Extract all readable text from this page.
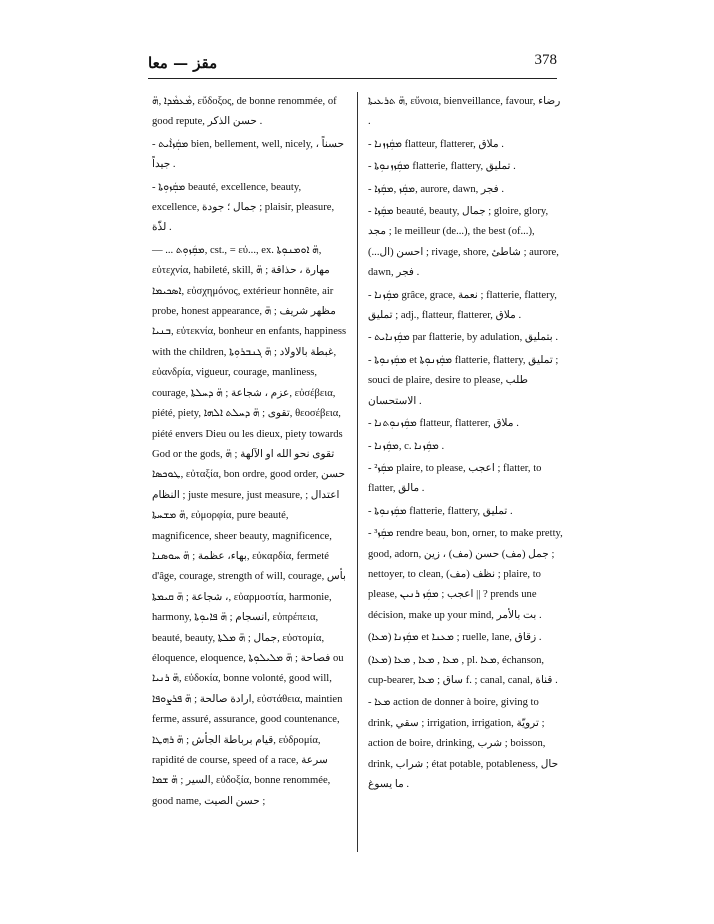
مقز — معا	378

ܡܵܥܡܵܕܐ ,ܗ̈, εὔδοξος, de bonne renommée, of good repute, حسن الذكر .

- ܡܩܲܙܐܵܝܬ bien, bellement, well, nicely, حسناً ، جيداً .

- ܡܩܲܙܘܼܬܐ beauté, excellence, beauty, excellence, جمال ؛ جودة ; plaisir, pleasure, لذّة .

— ... ܡܩܲܙܘܼܬ, cst., = εὐ..., ex. ܗ̈ ܐܘܡܢܘܼܬܐ, εὐτεχνία, habileté, skill, مهارة ، حذاقة ; ܗ̈ ܐܣܟܝܡܐ, εὐσχημόνος, extérieur honnête, air probe, honest appearance, مظهر شريف ; ܗ̈ ܒܢܝܐ, εὐτεκνία, bonheur en enfants, happiness with the children, غبطة بالاولاد ; ܗ̈ ܓܢܒܪܘܼܬܐ, εὐανδρία, vigueur, courage, manliness, courage, عزم ، شجاعة ; ܗ̈ ܕܚܠܬܐ, εὐσέβεια, piété, piety, تقوى ; ܗ̈ ܕܚܠܬ ܐܠܗܐ, θεοσέβεια, piété envers Dieu ou les dieux, piety towards God or the gods, تقوى نحو الله او الآلهة ; ܗ̈ ܛܘܟܣܐ, εὐταξία, bon ordre, good order, حسن النظام ; juste mesure, just measure, اعتدال ; ܗ̈ ܡܫܚܬܐ, εὐμορφία, pure beauté, magnificence, sheer beauty, magnificence, بهاء، عظمة ; ܗ̈ ܚܘܣܢܐ, εὐκαρδία, fermeté d'âge, courage, strength of will, courage, بأس ، شجاعة ; ܗ̈ ܩܝܡܬܐ, εὐαρμοστία, harmonie, harmony, انسجام ; ܗ̈ ܦܐܝܘܼܬܐ, εὐπρέπεια, beauté, beauty, جمال ; ܗ̈ ܡܠܬܐ, εὐστομία, éloquence, eloquence, فصاحة ; ܗ̈ ܡܠܝܠܘܼܬܐ ou ܗ̈ ܪܢܝܐ, εὐδοκία, bonne volonté, good will, ارادة صالحة ; ܗ̈ ܦܪܨܘܦܐ, εὐστάθεια, maintien ferme, assuré, assurance, good countenance, قيام برباطة الجأش ; ܗ̈ ܪܗܛܐ, εὐδρομία, rapidité de course, speed of a race, سرعة السير ; ܗ̈ ܫܡܐ, εὐδοξία, bonne renommée, good name, حسن الصيت ;

ܗ̈ ܬܪܥܝܬܐ, εὔνοια, bienveillance, favour, رضاء .

- ܡܩܲܙܙܢܐ flatteur, flatterer, ملاق .

- ܡܩܲܙܙܢܘܼܬܐ flatterie, flattery, تمليق .

- ܡܩܲܙ ,ܡܩܲܙܐ, aurore, dawn, فجر .

- ܡܩܲܙܐ beauté, beauty, جمال ; gloire, glory, مجد ; le meilleur (de...), the best (of...), احسن (ال...) ; rivage, shore, شاطئ ; aurore, dawn, فجر .

- ܡܩܲܙܢܐ grâce, grace, نعمة ; flatterie, flattery, تمليق ; adj., flatteur, flatterer, ملاق .

- ܡܩܲܙܢܐܝܬ par flatterie, by adulation, بتمليق .

- ܡܩܲܙܢܘܼܬܐ et ܡܩܲܙܢܘܼܬܐ flatterie, flattery, تمليق ; souci de plaire, desire to please, طلب الاستحسان .

- ܡܩܲܙܢܘܼܬܢܐ flatteur, flatterer, ملاق .

- ܡܩܲܙܢܐ, c. ܡܩܲܙܢܐ .

- ܡܩܲܙ² plaire, to please, اعجب ; flatter, to flatter, مالق .

- ܡܩܲܙܢܘܼܬܐ flatterie, flattery, تمليق .

- ܡܩܲܙ³ rendre beau, bon, orner, to make pretty, good, adorn, جمل (مف) حسن (مف) ، زين ; nettoyer, to clean, نظف (مف) ; plaire, to please, اعجب ; ܡܩܲܙ ܪܢܝܢ || ? prends une décision, make up your mind, بت بالأمر .

(ܡܥܐ) ܡܩܲܙܢܐ et ܡܥܢܐ ; ruelle, lane, زقاق .

(ܡܥܐ) ܡܥܐ , ܡܥܐ , ܡܥܐ , pl. ܡܥܐ, échanson, cup-bearer, ساق ; ܡܥܐ f. ; canal, canal, قناة .

- ܡܥܐ action de donner à boire, giving to drink, سقي ; irrigation, irrigation, ترويّة ; action de boire, drinking, شرب ; boisson, drink, شراب ; état potable, potableness, حال ما يسوغ .
